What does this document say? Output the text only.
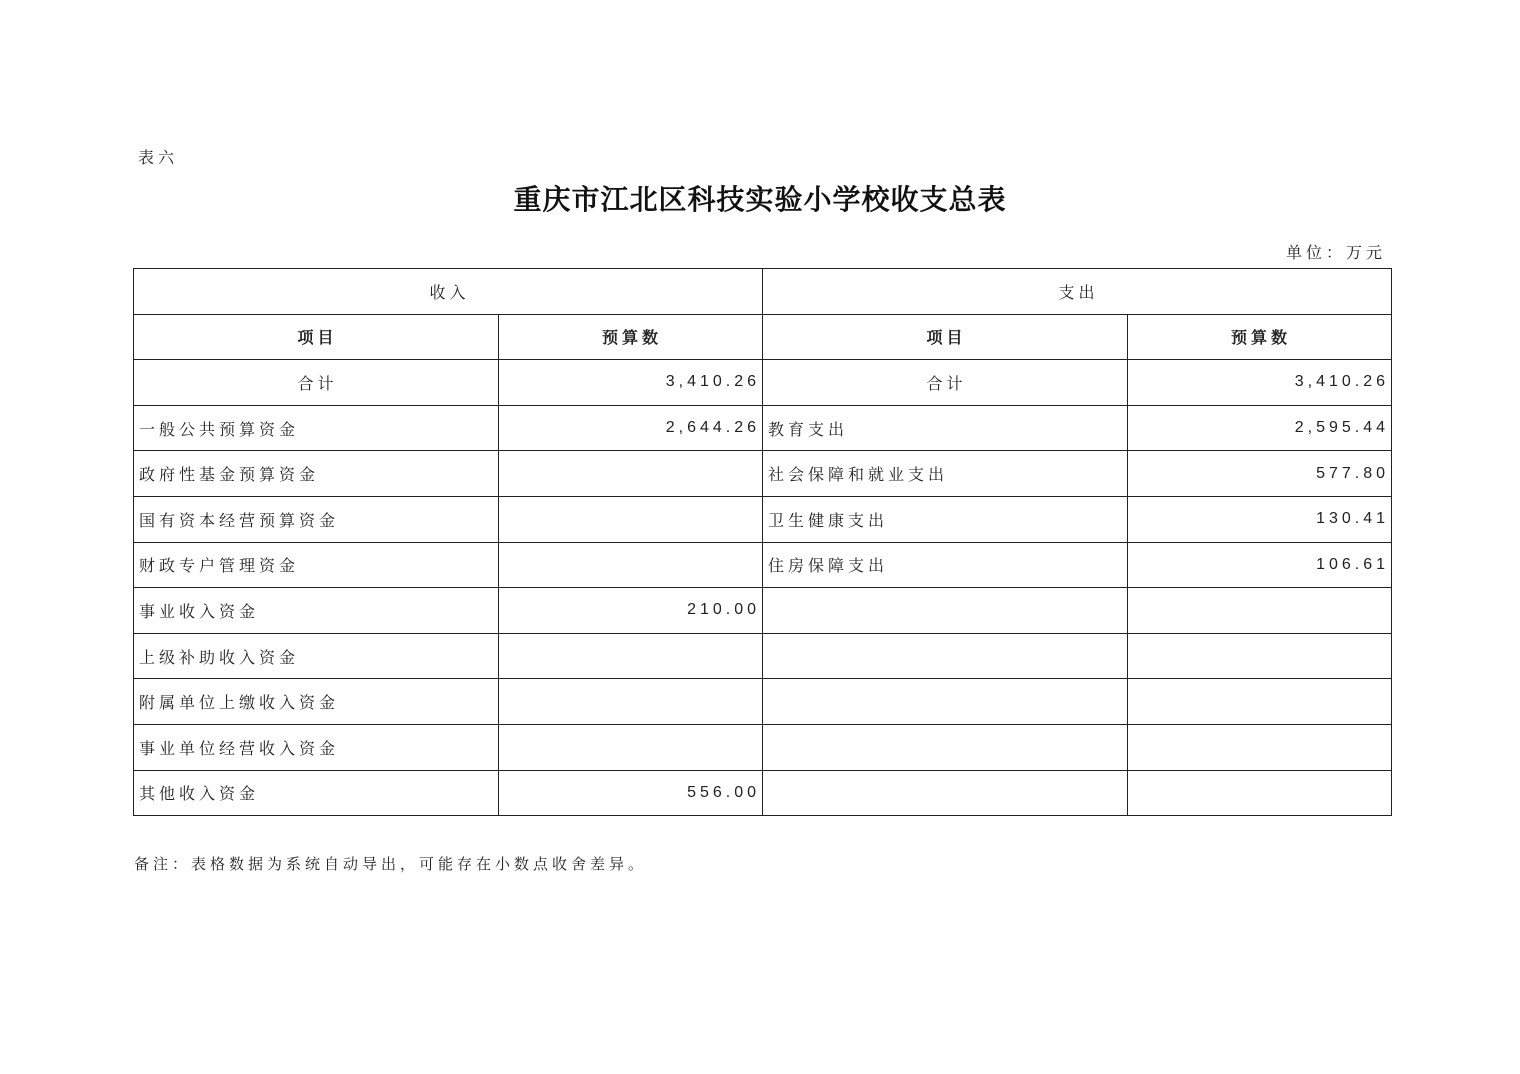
表六
重庆市江北区科技实验小学校收支总表
单位：万元
收入		支出	
项目	预算数	项目	预算数
合计	3,410.26	合计	3,410.26
一般公共预算资金	2,644.26	教育支出	2,595.44
政府性基金预算资金		社会保障和就业支出	577.80
国有资本经营预算资金		卫生健康支出	130.41
财政专户管理资金		住房保障支出	106.61
事业收入资金	210.00		
上级补助收入资金			
附属单位上缴收入资金			
事业单位经营收入资金			
其他收入资金	556.00		
备注：表格数据为系统自动导出，可能存在小数点收舍差异。
